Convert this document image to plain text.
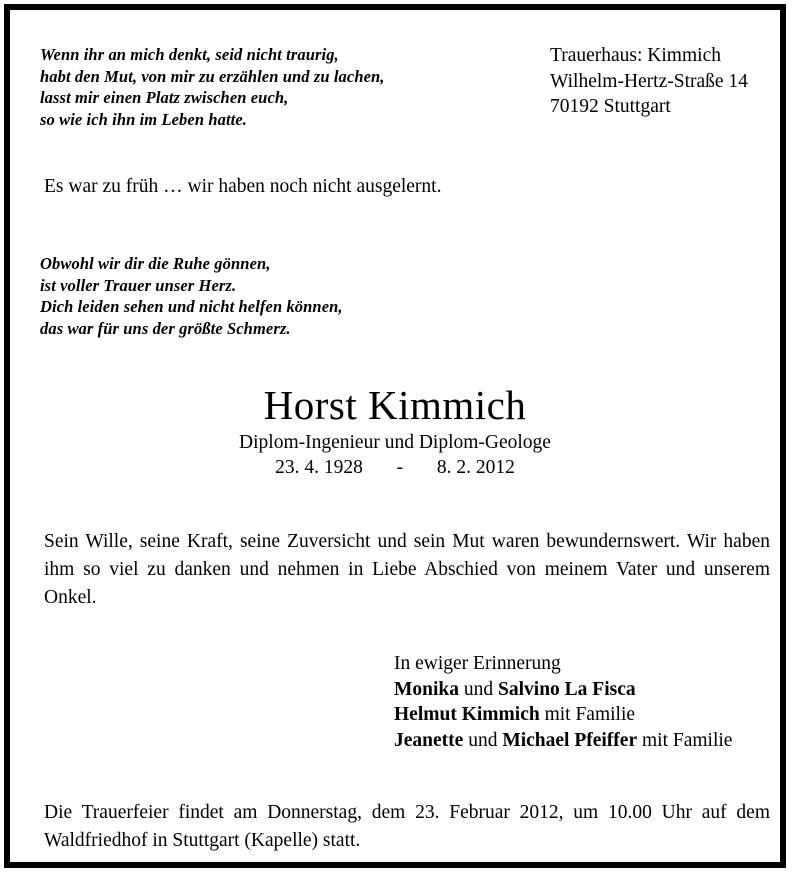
Wenn ihr an mich denkt, seid nicht traurig,
habt den Mut, von mir zu erzählen und zu lachen,
lasst mir einen Platz zwischen euch,
so wie ich ihn im Leben hatte.
Trauerhaus: Kimmich
Wilhelm-Hertz-Straße 14
70192 Stuttgart
Es war zu früh … wir haben noch nicht ausgelernt.
Obwohl wir dir die Ruhe gönnen,
ist voller Trauer unser Herz.
Dich leiden sehen und nicht helfen können,
das war für uns der größte Schmerz.
Horst Kimmich
Diplom-Ingenieur und Diplom-Geologe
23. 4. 1928 - 8. 2. 2012
Sein Wille, seine Kraft, seine Zuversicht und sein Mut waren bewundernswert. Wir haben ihm so viel zu danken und nehmen in Liebe Abschied von meinem Vater und unserem Onkel.
In ewiger Erinnerung
Monika und Salvino La Fisca
Helmut Kimmich mit Familie
Jeanette und Michael Pfeiffer mit Familie
Die Trauerfeier findet am Donnerstag, dem 23. Februar 2012, um 10.00 Uhr auf dem Waldfriedhof in Stuttgart (Kapelle) statt.
